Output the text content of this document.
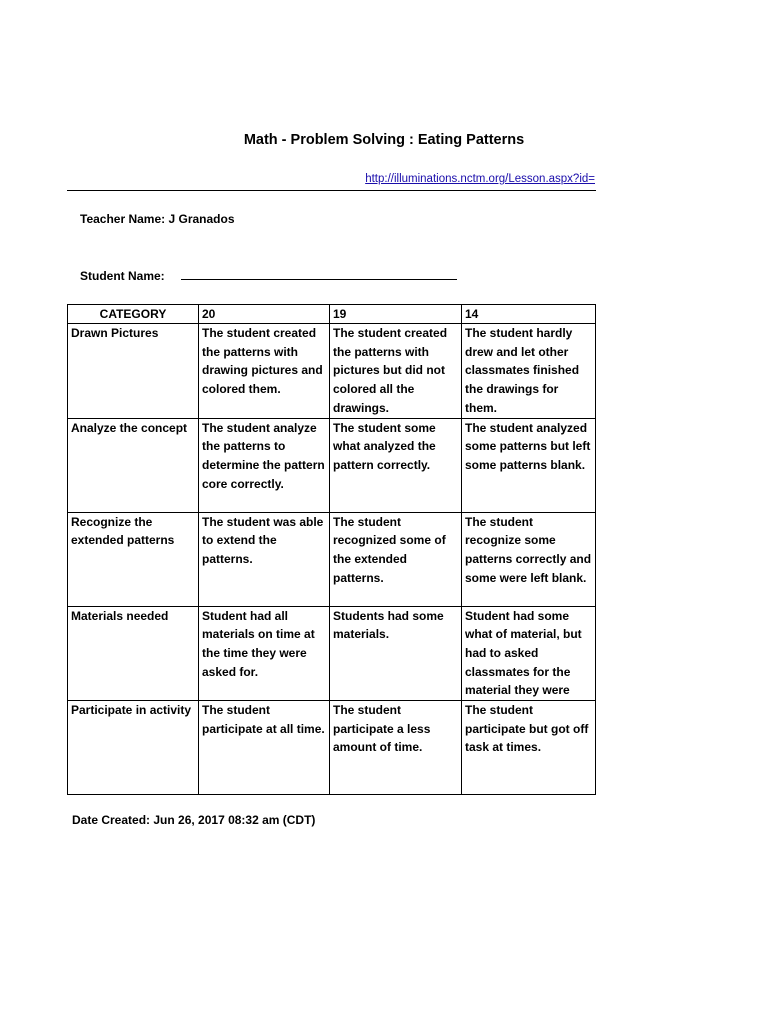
Math - Problem Solving : Eating Patterns
http://illuminations.nctm.org/Lesson.aspx?id=
Teacher Name: J Granados
Student Name:
CATEGORY	20	19	14
Drawn Pictures	The student created the patterns with drawing pictures and colored them.	The student created the patterns with pictures but did not colored all the drawings.	The student hardly drew and let other classmates finished the drawings for them.
Analyze the concept	The student analyze the patterns to determine the pattern core correctly.	The student some what analyzed the pattern correctly.	The student analyzed some patterns but left some patterns blank.
Recognize the extended patterns	The student was able to extend the patterns.	The student recognized some of the extended patterns.	The student recognize some patterns correctly and some were left blank.
Materials needed	Student had all materials on time at the time they were asked for.	Students had some materials.	Student had some what of material, but had to asked classmates for the material they were
Participate in activity	The student participate at all time.	The student participate a less amount of time.	The student participate but got off task at times.
Date Created: Jun 26, 2017 08:32 am (CDT)
